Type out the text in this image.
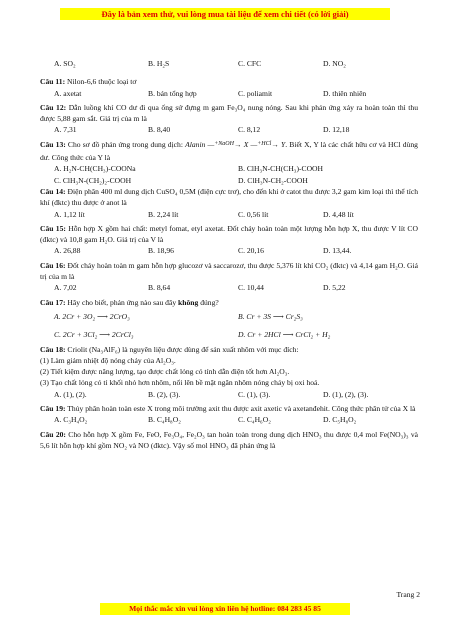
Đây là bản xem thử, vui lòng mua tài liệu để xem chi tiết (có lời giải)
A. SO₂	B. H₂S	C. CFC	D. NO₂

Câu 11: Nilon-6,6 thuộc loại tơ

A. axetat	B. bán tổng hợp	C. poliamit	D. thiên nhiên

Câu 12: Dẫn luồng khí CO dư đi qua ống sứ đựng m gam Fe₃O₄ nung nóng. Sau khi phản ứng xảy ra hoàn toàn thì thu được 5,88 gam sắt. Giá trị của m là

A. 7,31	B. 8,40	C. 8,12	D. 12,18

Câu 13: Cho sơ đồ phản ứng trong dung dịch: Alanin —$^{+NaOH}$→ X —$^{+HCl}$→ Y. Biết X, Y là các chất hữu cơ và HCl dùng dư. Công thức của Y là

A. H₂N-CH(CH₃)-COONa	B. ClH₃N-CH(CH₃)-COOH
C. ClH₃N-(CH₂)₂-COOH	D. ClH₃N-CH₂-COOH

Câu 14: Điện phân 400 ml dung dịch CuSO₄ 0,5M (điện cực trơ), cho đến khi ở catot thu được 3,2 gam kim loại thì thể tích khí (đktc) thu được ở anot là

A. 1,12 lít	B. 2,24 lít	C. 0,56 lít	D. 4,48 lít

Câu 15: Hỗn hợp X gồm hai chất: metyl fomat, etyl axetat. Đốt cháy hoàn toàn một lượng hỗn hợp X, thu được V lít CO (đktc) và 10,8 gam H₂O. Giá trị của V là

A. 26,88	B. 18,96	C. 20,16	D. 13,44.

Câu 16: Đốt cháy hoàn toàn m gam hỗn hợp glucozơ và saccarozơ, thu được 5,376 lít khí CO₂ (đktc) và 4,14 gam H₂O. Giá trị của m là

A. 7,02	B. 8,64	C. 10,44	D. 5,22

Câu 17: Hãy cho biết, phản ứng nào sau đây không đúng?

A. 2Cr + 3O₂ ⟶ 2CrO₃	B. Cr + 3S ⟶ Cr₂S₃
C. 2Cr + 3Cl₂ ⟶ 2CrCl₃	D. Cr + 2HCl ⟶ CrCl₂ + H₂

Câu 18: Criolit (Na₃AlF₆) là nguyên liệu được dùng để sản xuất nhôm với mục đích:

(1) Làm giảm nhiệt độ nóng chảy của Al₂O₃.

(2) Tiết kiệm được năng lượng, tạo được chất lỏng có tính dẫn điện tốt hơn Al₂O₃.

(3) Tạo chất lỏng có tỉ khối nhỏ hơn nhôm, nổi lên bề mặt ngăn nhôm nóng chảy bị oxi hoá.

A. (1), (2).	B. (2), (3).	C. (1), (3).	D. (1), (2), (3).

Câu 19: Thủy phân hoàn toàn este X trong môi trường axit thu được axit axetic và axetanđehit. Công thức phân tử của X là

A. C₃H₄O₂	B. C₄H₈O₂	C. C₄H₆O₂	D. C₅H₈O₂

Câu 20: Cho hỗn hợp X gồm Fe, FeO, Fe₃O₄, Fe₂O₃ tan hoàn toàn trong dung dịch HNO₃ thu được 0,4 mol Fe(NO₃)₃ và 5,6 lít hỗn hợp khí gồm NO₂ và NO (đktc). Vậy số mol HNO₃ đã phản ứng là

Trang 2
Mọi thắc mắc xin vui lòng xin liên hệ hotline: 084 283 45 85
